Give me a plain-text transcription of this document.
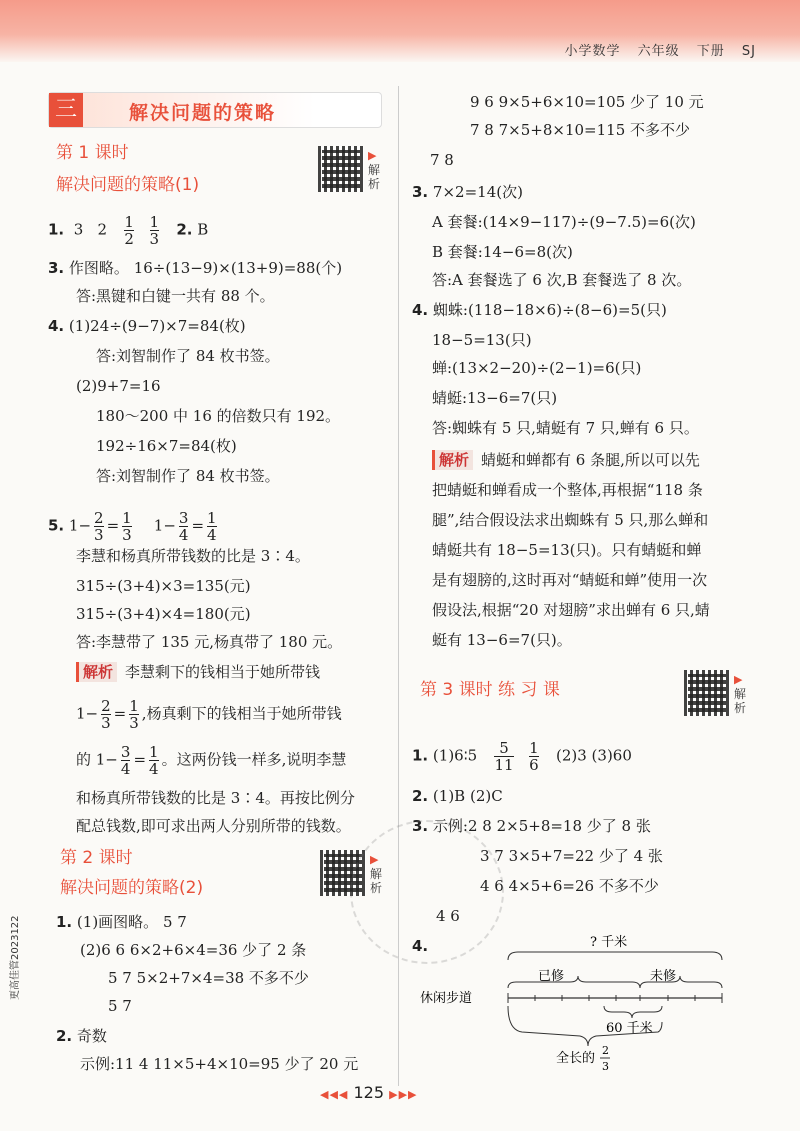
小学数学 六年级 下册 SJ
三	解决问题的策略
第 1 课时
解决问题的策略(1)
▶解析
1. 3 $2 \frac{1}{2}$
$\frac{1}{3} 2$. B
3. 作图略。 16÷(13−9)×(13+9)=88(个)
答:黑键和白键一共有 88 个。
4. (1)24÷(9−7)×7=84(枚)
答:刘智制作了 84 枚书签。
(2)9+7=16
180～200 中 16 的倍数只有 192。
192÷16×7=84(枚)
答:刘智制作了 84 枚书签。
5. $1- \frac{2}{3} = \frac{1}{3} 1- \frac{3}{4} = \frac{1}{4}$
李慧和杨真所带钱数的比是 3∶4。
315÷(3+4)×3=135(元)
315÷(3+4)×4=180(元)
答:李慧带了 135 元,杨真带了 180 元。
解析 李慧剩下的钱相当于她所带钱
$1- \frac{2}{3} = \frac{1}{3}$ ,杨真剩下的钱相当于她所带钱
的 $1- \frac{3}{4} = \frac{1}{4}$ 。这两份钱一样多,说明李慧
和杨真所带钱数的比是 3∶4。再按比例分
配总钱数,即可求出两人分别所带的钱数。
第 2 课时
解决问题的策略(2)
▶解析
1. (1)画图略。 5 7
(2)6 6 6×2+6×4=36 少了 2 条
5 7 5×2+7×4=38 不多不少
5 7
2. 奇数
示例:11 4 11×5+4×10=95 少了 20 元
9 6 9×5+6×10=105 少了 10 元
7 8 7×5+8×10=115 不多不少
7 8
3. 7×2=14(次)
A 套餐:(14×9−117)÷(9−7.5)=6(次)
B 套餐:14−6=8(次)
答:A 套餐选了 6 次,B 套餐选了 8 次。
4. 蜘蛛:(118−18×6)÷(8−6)=5(只)
18−5=13(只)
蝉:(13×2−20)÷(2−1)=6(只)
蜻蜓:13−6=7(只)
答:蜘蛛有 5 只,蜻蜓有 7 只,蝉有 6 只。
解析 蜻蜓和蝉都有 6 条腿,所以可以先
把蜻蜓和蝉看成一个整体,再根据“118 条
腿”,结合假设法求出蜘蛛有 5 只,那么蝉和
蜻蜓共有 18−5=13(只)。只有蜻蜓和蝉
是有翅膀的,这时再对“蜻蜓和蝉”使用一次
假设法,根据“20 对翅膀”求出蝉有 6 只,蜻
蜓有 13−6=7(只)。
第 3 课时 练 习 课
▶解析
1. (1)6∶5 $\frac{5}{11}$
$\frac{1}{6} (2)3$ (3)60
2. (1)B (2)C
3. 示例:2 8 2×5+8=18 少了 8 张
3 7 3×5+7=22 少了 4 张
4 6 4×5+6=26 不多不少
4 6
4.	? 千米
已修	未修
休闲步道
60 千米
全长的
2
3
◀◀◀ 125 ▶▶▶
更高佳管2023122
